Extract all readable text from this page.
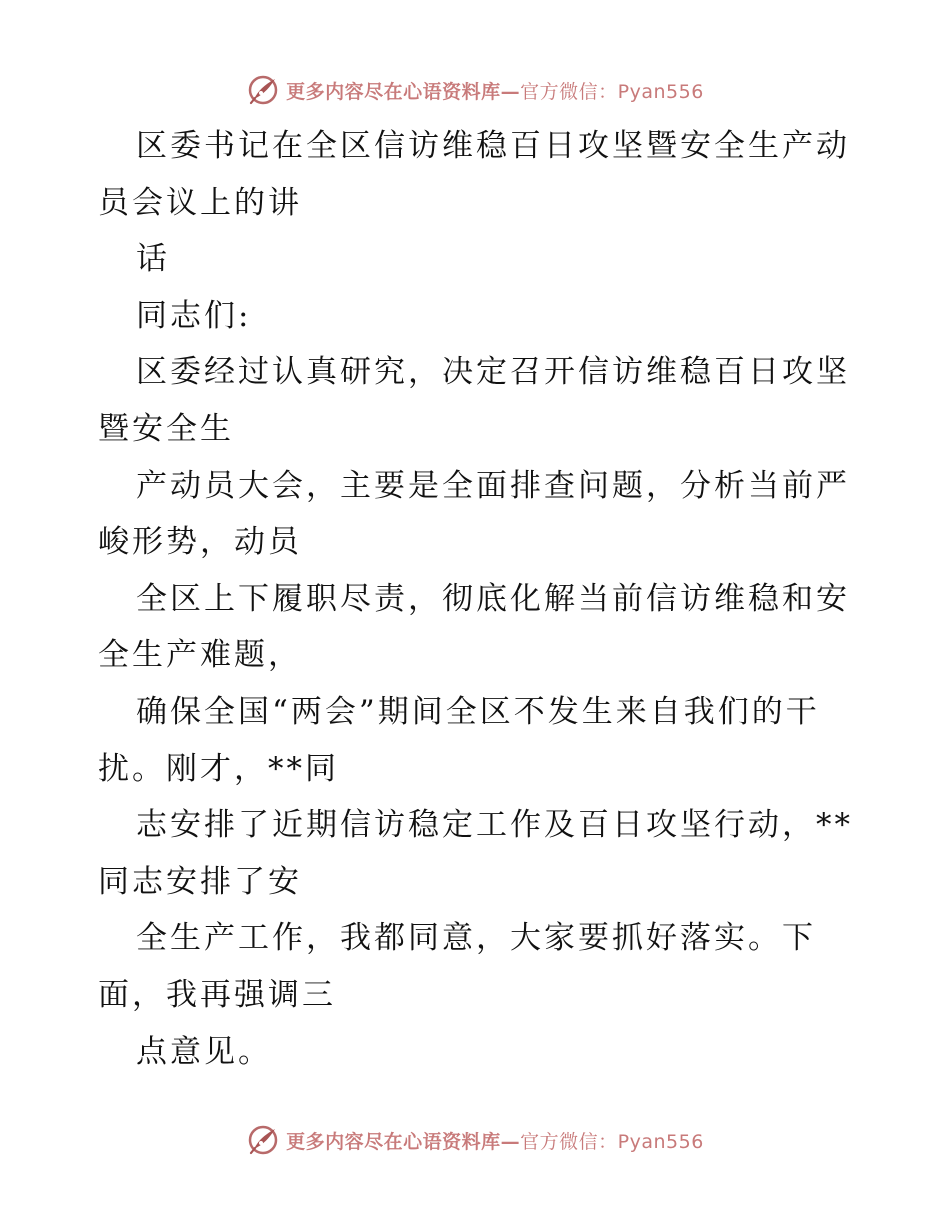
更多内容尽在心语资料库—官方微信：Pyan556
区委书记在全区信访维稳百日攻坚暨安全生产动
员会议上的讲
话
同志们:
区委经过认真研究，决定召开信访维稳百日攻坚
暨安全生
产动员大会，主要是全面排查问题，分析当前严
峻形势，动员
全区上下履职尽责，彻底化解当前信访维稳和安
全生产难题，
确保全国“两会”期间全区不发生来自我们的干
扰。刚才，**同
志安排了近期信访稳定工作及百日攻坚行动，**
同志安排了安
全生产工作，我都同意，大家要抓好落实。下
面，我再强调三
点意见。
更多内容尽在心语资料库—官方微信：Pyan556
